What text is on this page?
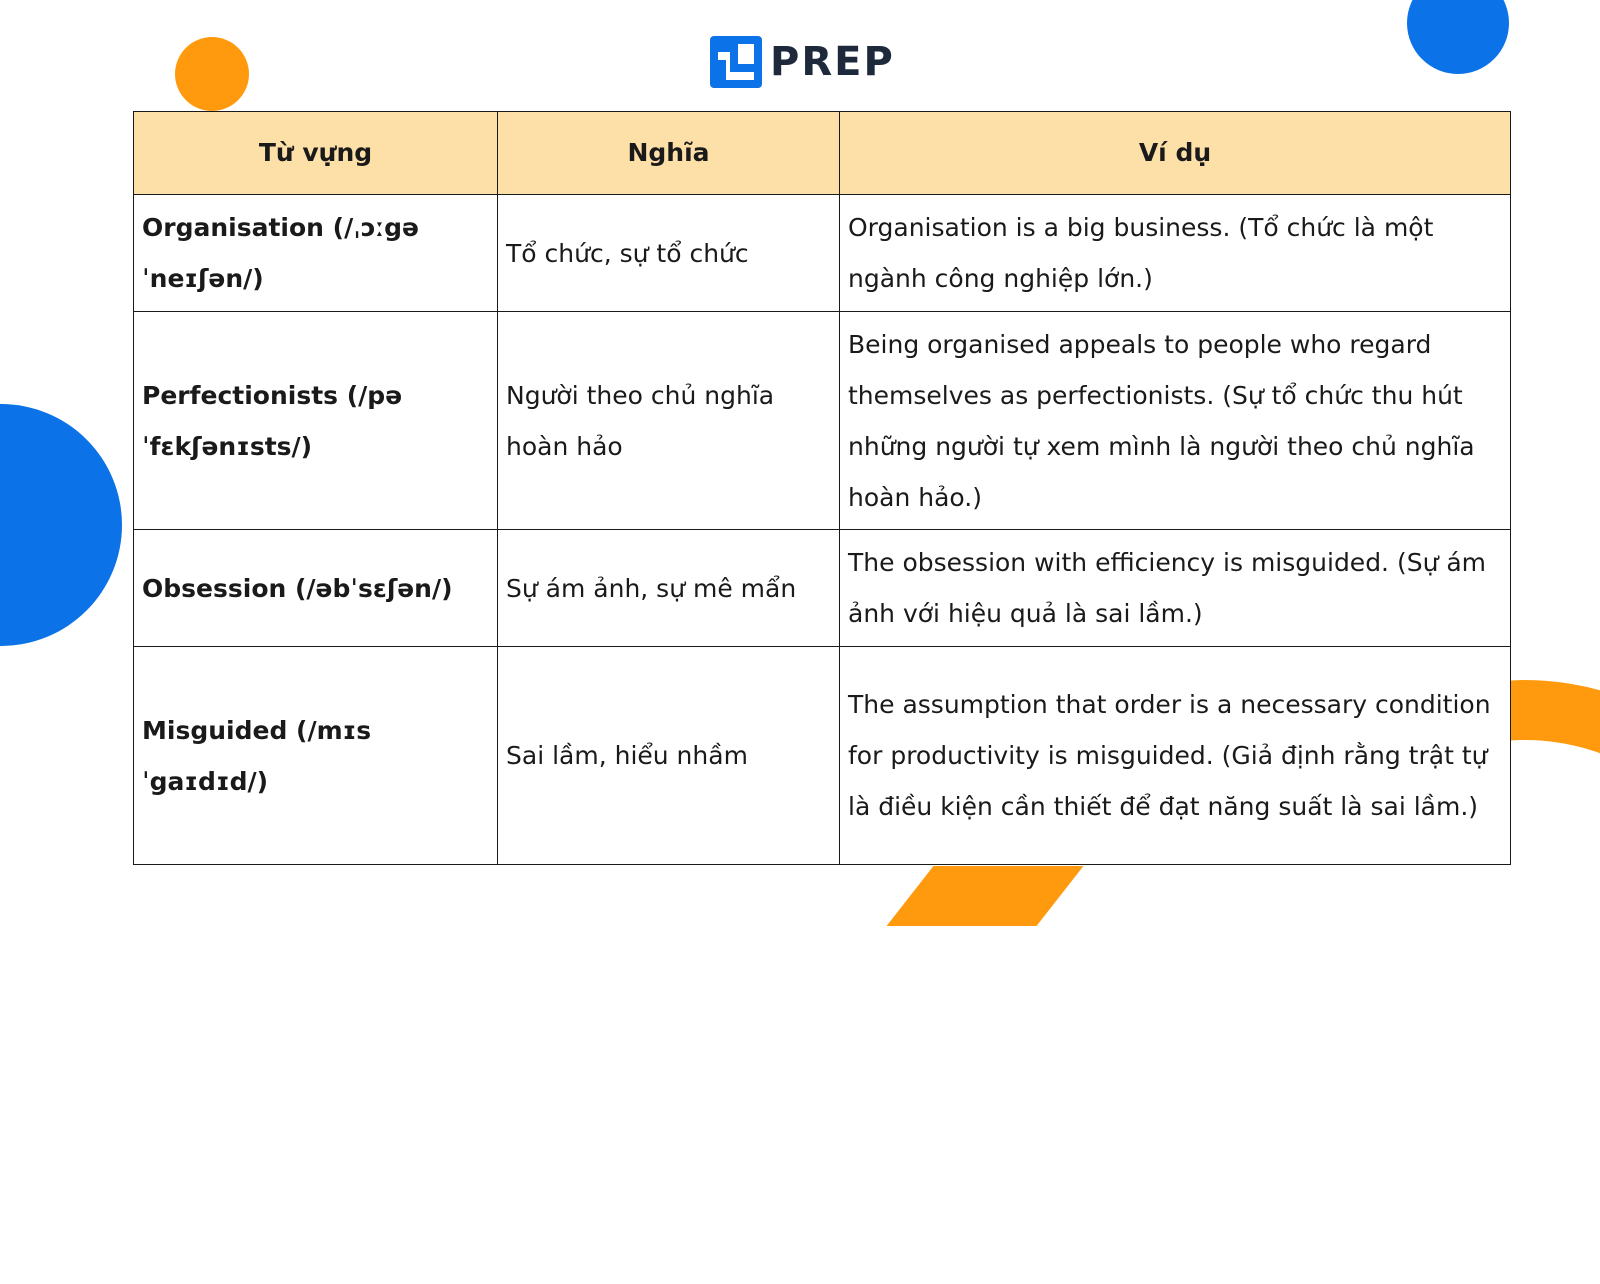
PREP
Từ vựng	Nghĩa	Ví dụ
Organisation (/ˌɔːgə ˈneɪʃən/)	Tổ chức, sự tổ chức	Organisation is a big business. (Tổ chức là một ngành công nghiệp lớn.)
Perfectionists (/pə ˈfɛkʃənɪsts/)	Người theo chủ nghĩa hoàn hảo	Being organised appeals to people who regard themselves as perfectionists. (Sự tổ chức thu hút những người tự xem mình là người theo chủ nghĩa hoàn hảo.)
Obsession (/əbˈsɛʃən/)	Sự ám ảnh, sự mê mẩn	The obsession with efficiency is misguided. (Sự ám ảnh với hiệu quả là sai lầm.)
Misguided (/mɪsˈgaɪdɪd/)	Sai lầm, hiểu nhầm	The assumption that order is a necessary condition for productivity is misguided. (Giả định rằng trật tự là điều kiện cần thiết để đạt năng suất là sai lầm.)
